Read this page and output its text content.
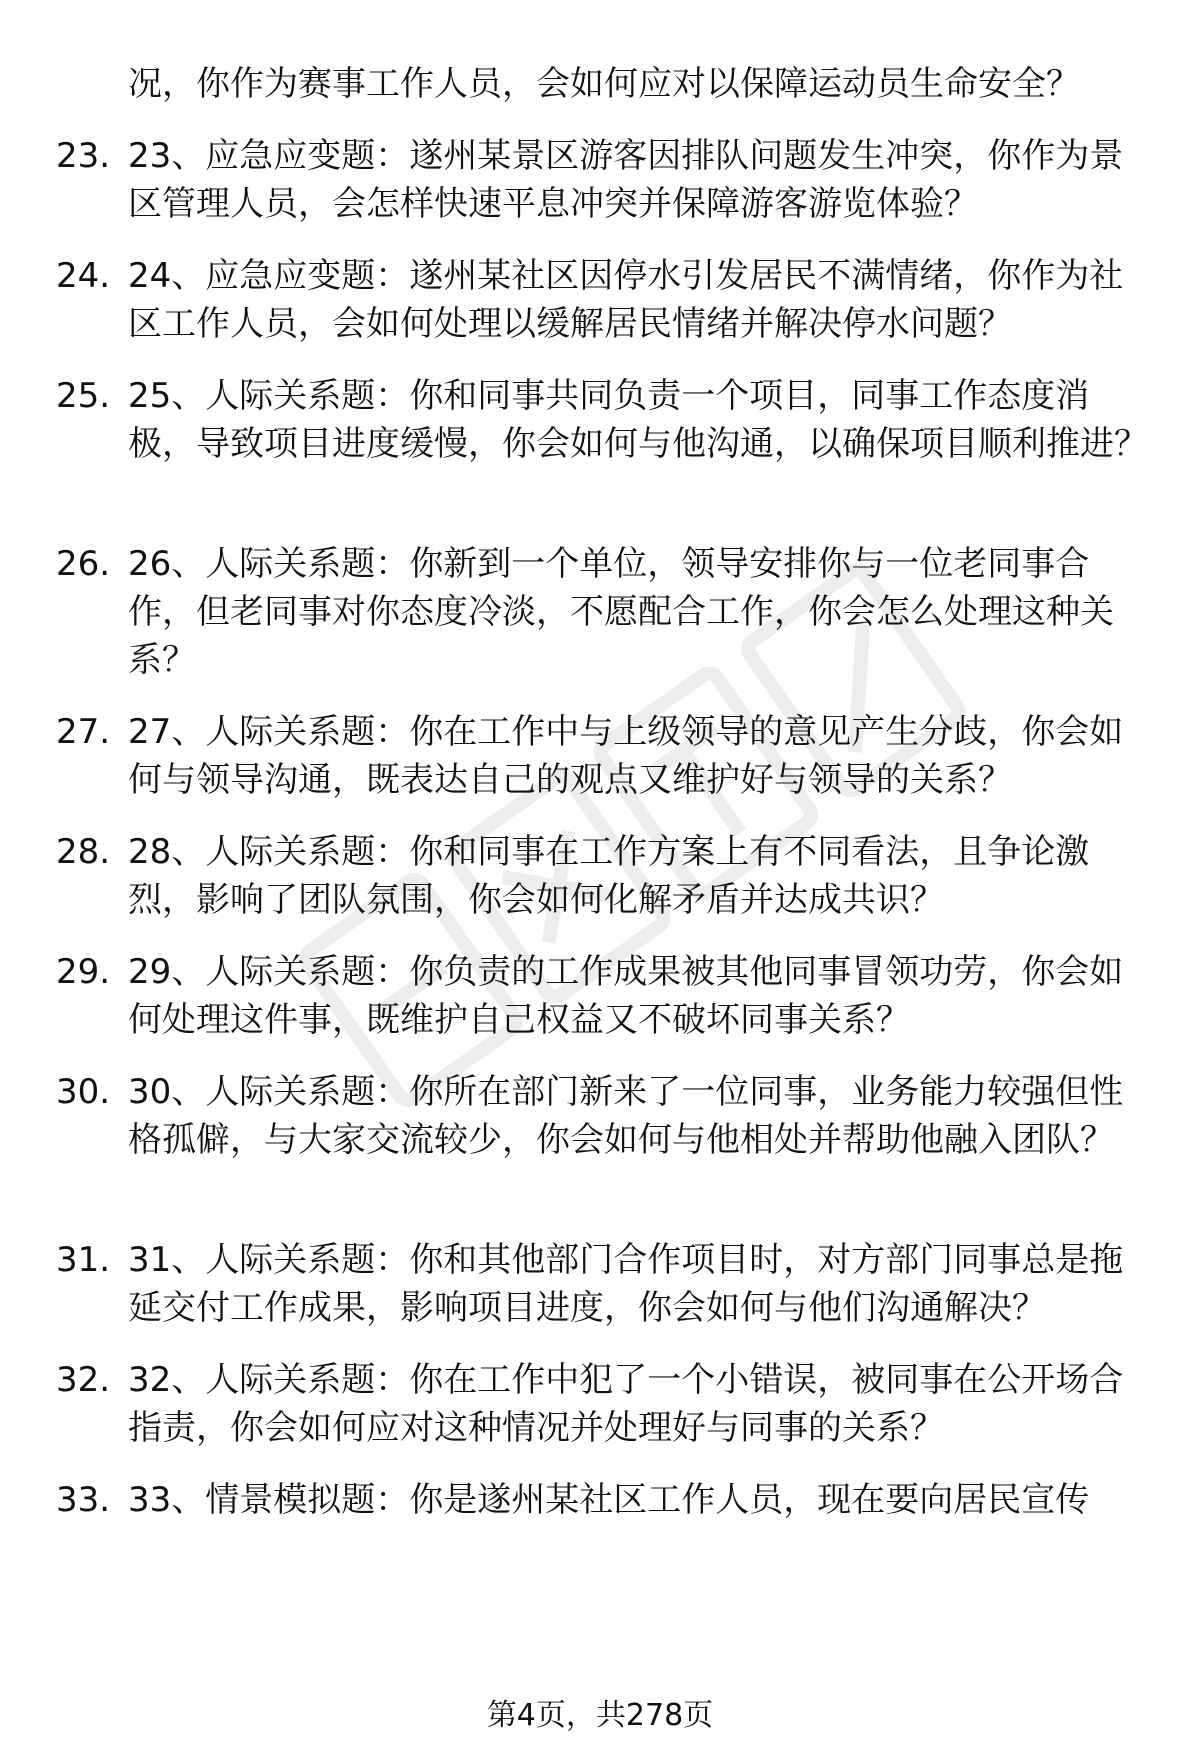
况，你作为赛事工作人员，会如何应对以保障运动员生命安全？
23. 23、应急应变题：遂州某景区游客因排队问题发生冲突，你作为景区管理人员，会怎样快速平息冲突并保障游客游览体验？
24. 24、应急应变题：遂州某社区因停水引发居民不满情绪，你作为社区工作人员，会如何处理以缓解居民情绪并解决停水问题？
25. 25、人际关系题：你和同事共同负责一个项目，同事工作态度消极，导致项目进度缓慢，你会如何与他沟通，以确保项目顺利推进？
26. 26、人际关系题：你新到一个单位，领导安排你与一位老同事合作，但老同事对你态度冷淡，不愿配合工作，你会怎么处理这种关系？
27. 27、人际关系题：你在工作中与上级领导的意见产生分歧，你会如何与领导沟通，既表达自己的观点又维护好与领导的关系？
28. 28、人际关系题：你和同事在工作方案上有不同看法，且争论激烈，影响了团队氛围，你会如何化解矛盾并达成共识？
29. 29、人际关系题：你负责的工作成果被其他同事冒领功劳，你会如何处理这件事，既维护自己权益又不破坏同事关系？
30. 30、人际关系题：你所在部门新来了一位同事，业务能力较强但性格孤僻，与大家交流较少，你会如何与他相处并帮助他融入团队？
31. 31、人际关系题：你和其他部门合作项目时，对方部门同事总是拖延交付工作成果，影响项目进度，你会如何与他们沟通解决？
32. 32、人际关系题：你在工作中犯了一个小错误，被同事在公开场合指责，你会如何应对这种情况并处理好与同事的关系？
33. 33、情景模拟题：你是遂州某社区工作人员，现在要向居民宣传
第4页，共278页
